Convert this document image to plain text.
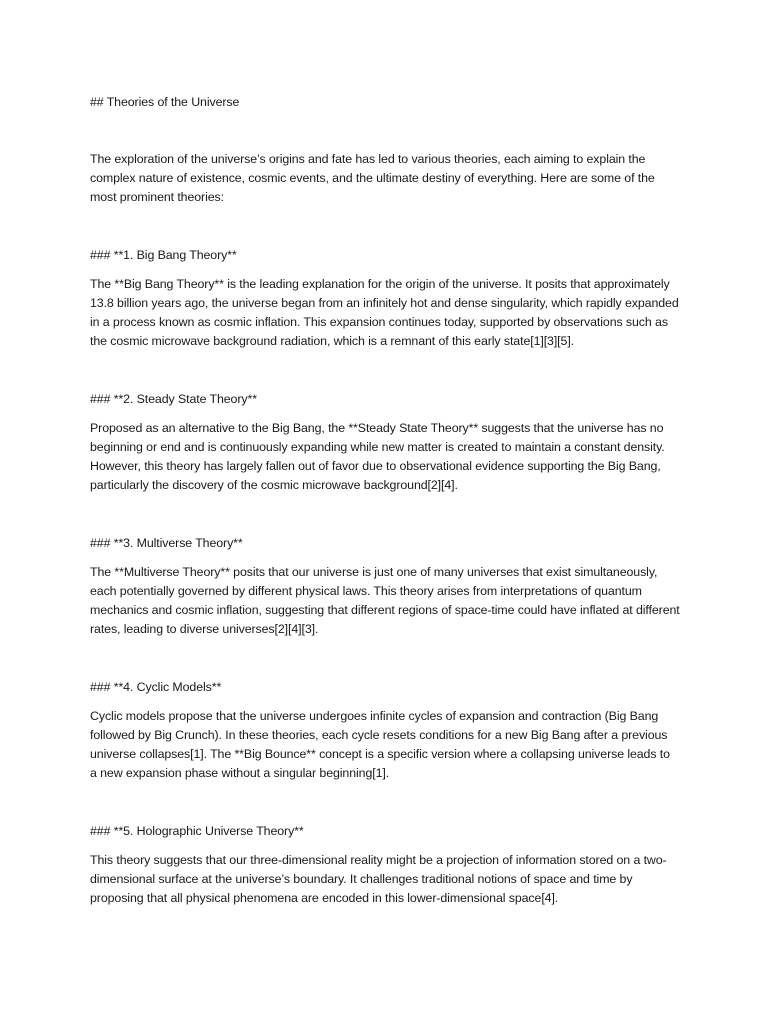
## Theories of the Universe

The exploration of the universe’s origins and fate has led to various theories, each aiming to explain the complex nature of existence, cosmic events, and the ultimate destiny of everything. Here are some of the most prominent theories:

### **1. Big Bang Theory**

The **Big Bang Theory** is the leading explanation for the origin of the universe. It posits that approximately 13.8 billion years ago, the universe began from an infinitely hot and dense singularity, which rapidly expanded in a process known as cosmic inflation. This expansion continues today, supported by observations such as the cosmic microwave background radiation, which is a remnant of this early state[1][3][5].

### **2. Steady State Theory**

Proposed as an alternative to the Big Bang, the **Steady State Theory** suggests that the universe has no beginning or end and is continuously expanding while new matter is created to maintain a constant density. However, this theory has largely fallen out of favor due to observational evidence supporting the Big Bang, particularly the discovery of the cosmic microwave background[2][4].

### **3. Multiverse Theory**

The **Multiverse Theory** posits that our universe is just one of many universes that exist simultaneously, each potentially governed by different physical laws. This theory arises from interpretations of quantum mechanics and cosmic inflation, suggesting that different regions of space-time could have inflated at different rates, leading to diverse universes[2][4][3].

### **4. Cyclic Models**

Cyclic models propose that the universe undergoes infinite cycles of expansion and contraction (Big Bang followed by Big Crunch). In these theories, each cycle resets conditions for a new Big Bang after a previous universe collapses[1]. The **Big Bounce** concept is a specific version where a collapsing universe leads to a new expansion phase without a singular beginning[1].

### **5. Holographic Universe Theory**

This theory suggests that our three-dimensional reality might be a projection of information stored on a two-dimensional surface at the universe’s boundary. It challenges traditional notions of space and time by proposing that all physical phenomena are encoded in this lower-dimensional space[4].
